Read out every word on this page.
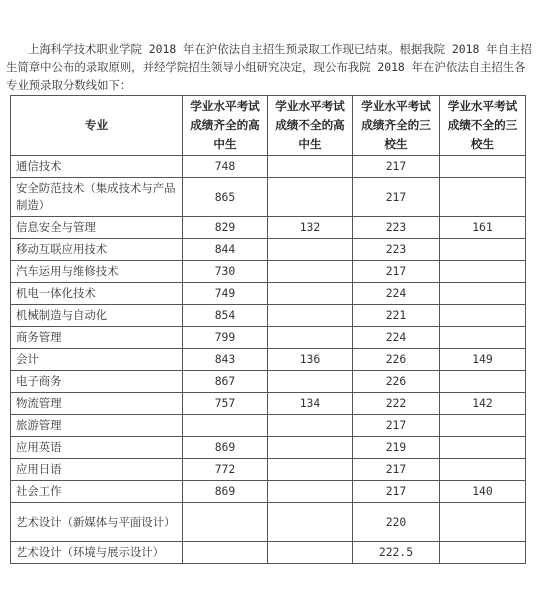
上海科学技术职业学院 2018 年在沪依法自主招生预录取工作现已结束。根据我院 2018 年自主招生简章中公布的录取原则，并经学院招生领导小组研究决定，现公布我院 2018 年在沪依法自主招生各专业预录取分数线如下：

专业	学业水平考试成绩齐全的高中生	学业水平考试成绩不全的高中生	学业水平考试成绩齐全的三校生	学业水平考试成绩不全的三校生
通信技术	748		217	
安全防范技术（集成技术与产品制造）	865		217	
信息安全与管理	829	132	223	161
移动互联应用技术	844		223	
汽车运用与维修技术	730		217	
机电一体化技术	749		224	
机械制造与自动化	854		221	
商务管理	799		224	
会计	843	136	226	149
电子商务	867		226	
物流管理	757	134	222	142
旅游管理			217	
应用英语	869		219	
应用日语	772		217	
社会工作	869		217	140
艺术设计（新媒体与平面设计）			220	
艺术设计（环境与展示设计）			222.5	
